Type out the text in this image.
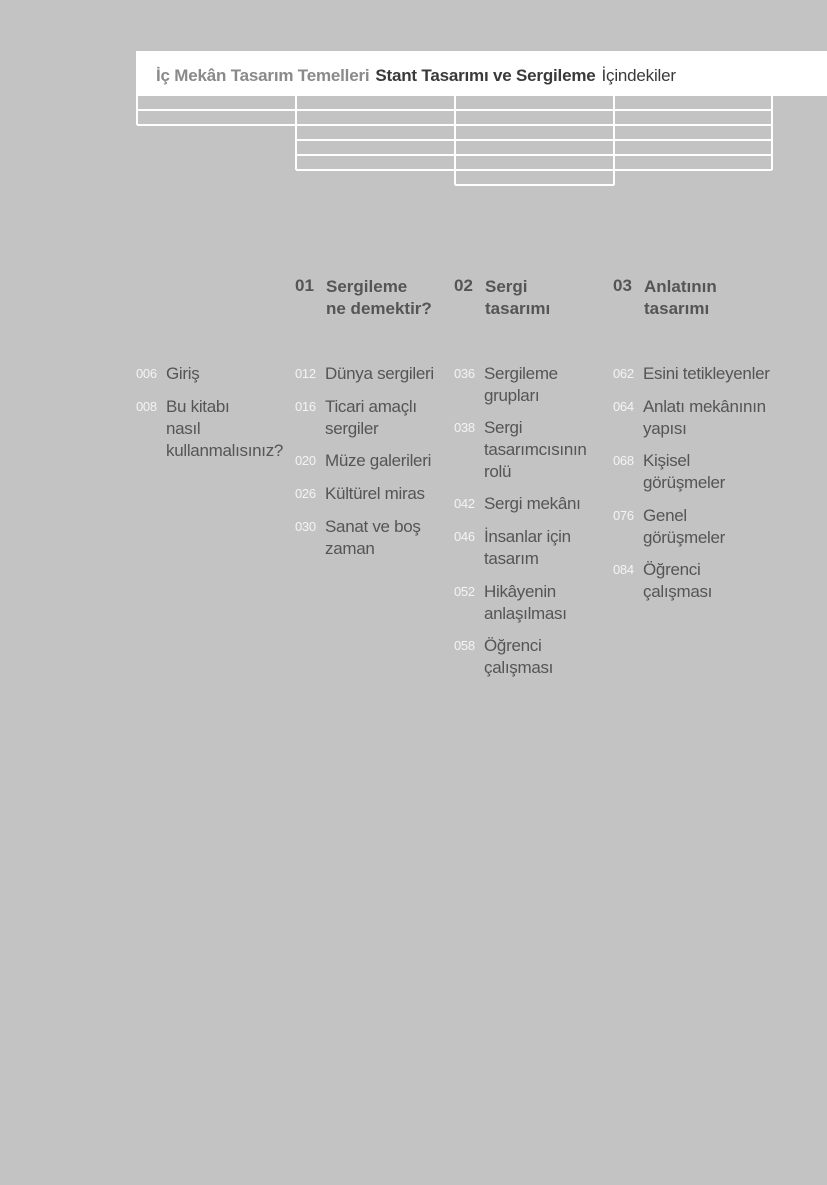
İç Mekân Tasarım Temelleri Stant Tasarımı ve Sergileme İçindekiler
006 Giriş
008 Bu kitabı
nasıl
kullanmalısınız?
01 Sergileme
ne demektir?
012 Dünya sergileri
016 Ticari amaçlı
sergiler
020 Müze galerileri
026 Kültürel miras
030 Sanat ve boş
zaman
02 Sergi
tasarımı
036 Sergileme
grupları
038 Sergi
tasarımcısının
rolü
042 Sergi mekânı
046 İnsanlar için
tasarım
052 Hikâyenin
anlaşılması
058 Öğrenci
çalışması
03 Anlatının
tasarımı
062 Esini tetikleyenler
064 Anlatı mekânının
yapısı
068 Kişisel
görüşmeler
076 Genel
görüşmeler
084 Öğrenci
çalışması
